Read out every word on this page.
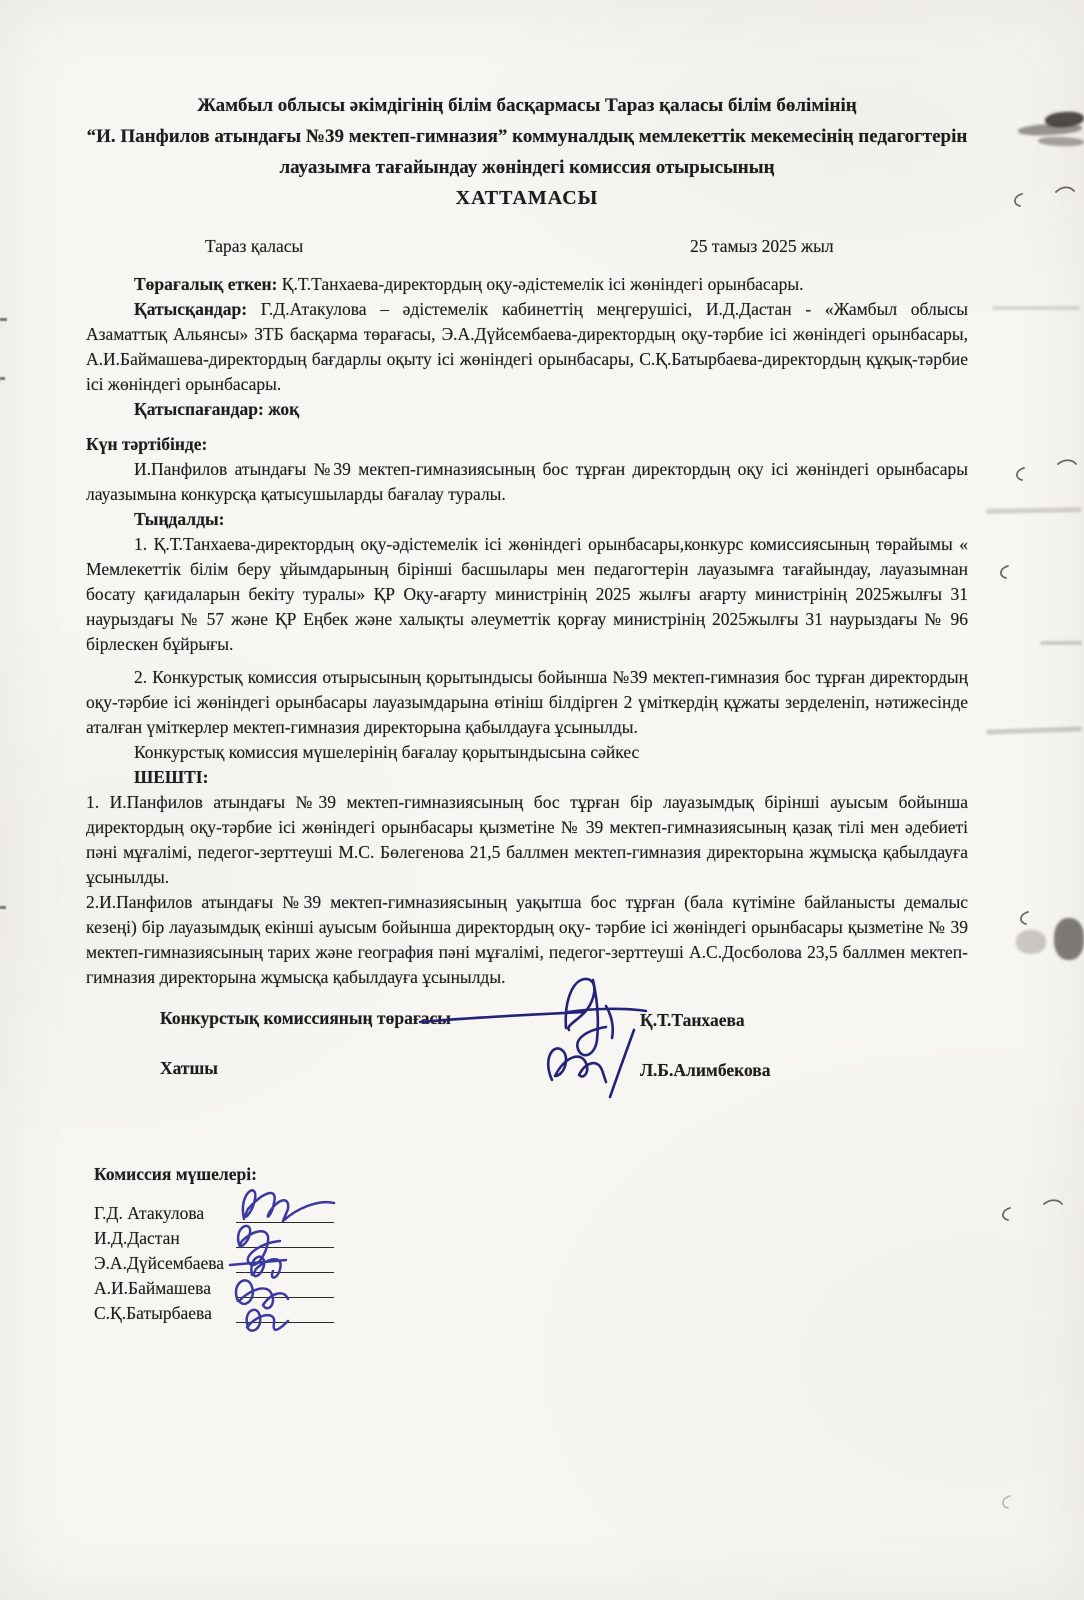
Жамбыл облысы әкімдігінің білім басқармасы Тараз қаласы білім бөлімінің
“И. Панфилов атындағы №39 мектеп-гимназия” коммуналдық мемлекеттік мекемесінің педагогтерін
лауазымға тағайындау жөніндегі комиссия отырысының
ХАТТАМАСЫ
Тараз қаласы	25 тамыз 2025 жыл

Төрағалық еткен: Қ.Т.Танхаева-директордың оқу-әдістемелік ісі жөніндегі орынбасары.

Қатысқандар: Г.Д.Атакулова – әдістемелік кабинеттің меңгерушісі, И.Д.Дастан - «Жамбыл облысы Азаматтық Альянсы» ЗТБ басқарма төрағасы, Э.А.Дүйсембаева-директордың оқу-тәрбие ісі жөніндегі орынбасары, А.И.Баймашева-директордың бағдарлы оқыту ісі жөніндегі орынбасары, С.Қ.Батырбаева-директордың құқық-тәрбие ісі жөніндегі орынбасары.

Қатыспағандар: жоқ

Күн тәртібінде:

И.Панфилов атындағы №39 мектеп-гимназиясының бос тұрған директордың оқу ісі жөніндегі орынбасары лауазымына конкурсқа қатысушыларды бағалау туралы.

Тыңдалды:

1. Қ.Т.Танхаева-директордың оқу-әдістемелік ісі жөніндегі орынбасары,конкурс комиссиясының төрайымы « Мемлекеттік білім беру ұйымдарының бірінші басшылары мен педагогтерін лауазымға тағайындау, лауазымнан босату қағидаларын бекіту туралы» ҚР Оқу-ағарту министрінің 2025 жылғы ағарту министрінің 2025жылғы 31 наурыздағы № 57 және ҚР Еңбек және халықты әлеуметтік қорғау министрінің 2025жылғы 31 наурыздағы № 96 бірлескен бұйрығы.

2. Конкурстық комиссия отырысының қорытындысы бойынша №39 мектеп-гимназия бос тұрған директордың оқу-тәрбие ісі жөніндегі орынбасары лауазымдарына өтініш білдірген 2 үміткердің құжаты зерделеніп, нәтижесінде аталған үміткерлер мектеп-гимназия директорына қабылдауға ұсынылды.

Конкурстық комиссия мүшелерінің бағалау қорытындысына сәйкес

ШЕШТІ:

1. И.Панфилов атындағы №39 мектеп-гимназиясының бос тұрған бір лауазымдық бірінші ауысым бойынша директордың оқу-тәрбие ісі жөніндегі орынбасары қызметіне № 39 мектеп-гимназиясының қазақ тілі мен әдебиеті пәні мұғалімі, педегог-зерттеуші М.С. Бөлегенова 21,5 баллмен мектеп-гимназия директорына жұмысқа қабылдауға ұсынылды.

2.И.Панфилов атындағы №39 мектеп-гимназиясының уақытша бос тұрған (бала күтіміне байланысты демалыс кезеңі) бір лауазымдық екінші ауысым бойынша директордың оқу- тәрбие ісі жөніндегі орынбасары қызметіне № 39 мектеп-гимназиясының тарих және география пәні мұғалімі, педегог-зерттеуші А.С.Досболова 23,5 баллмен мектеп-гимназия директорына жұмысқа қабылдауға ұсынылды.

Конкурстық комиссияның төрағасы	Қ.Т.Танхаева
Хатшы	Л.Б.Алимбекова
Комиссия мүшелері:
Г.Д. Атакулова
И.Д.Дастан
Э.А.Дүйсембаева
А.И.Баймашева
С.Қ.Батырбаева
